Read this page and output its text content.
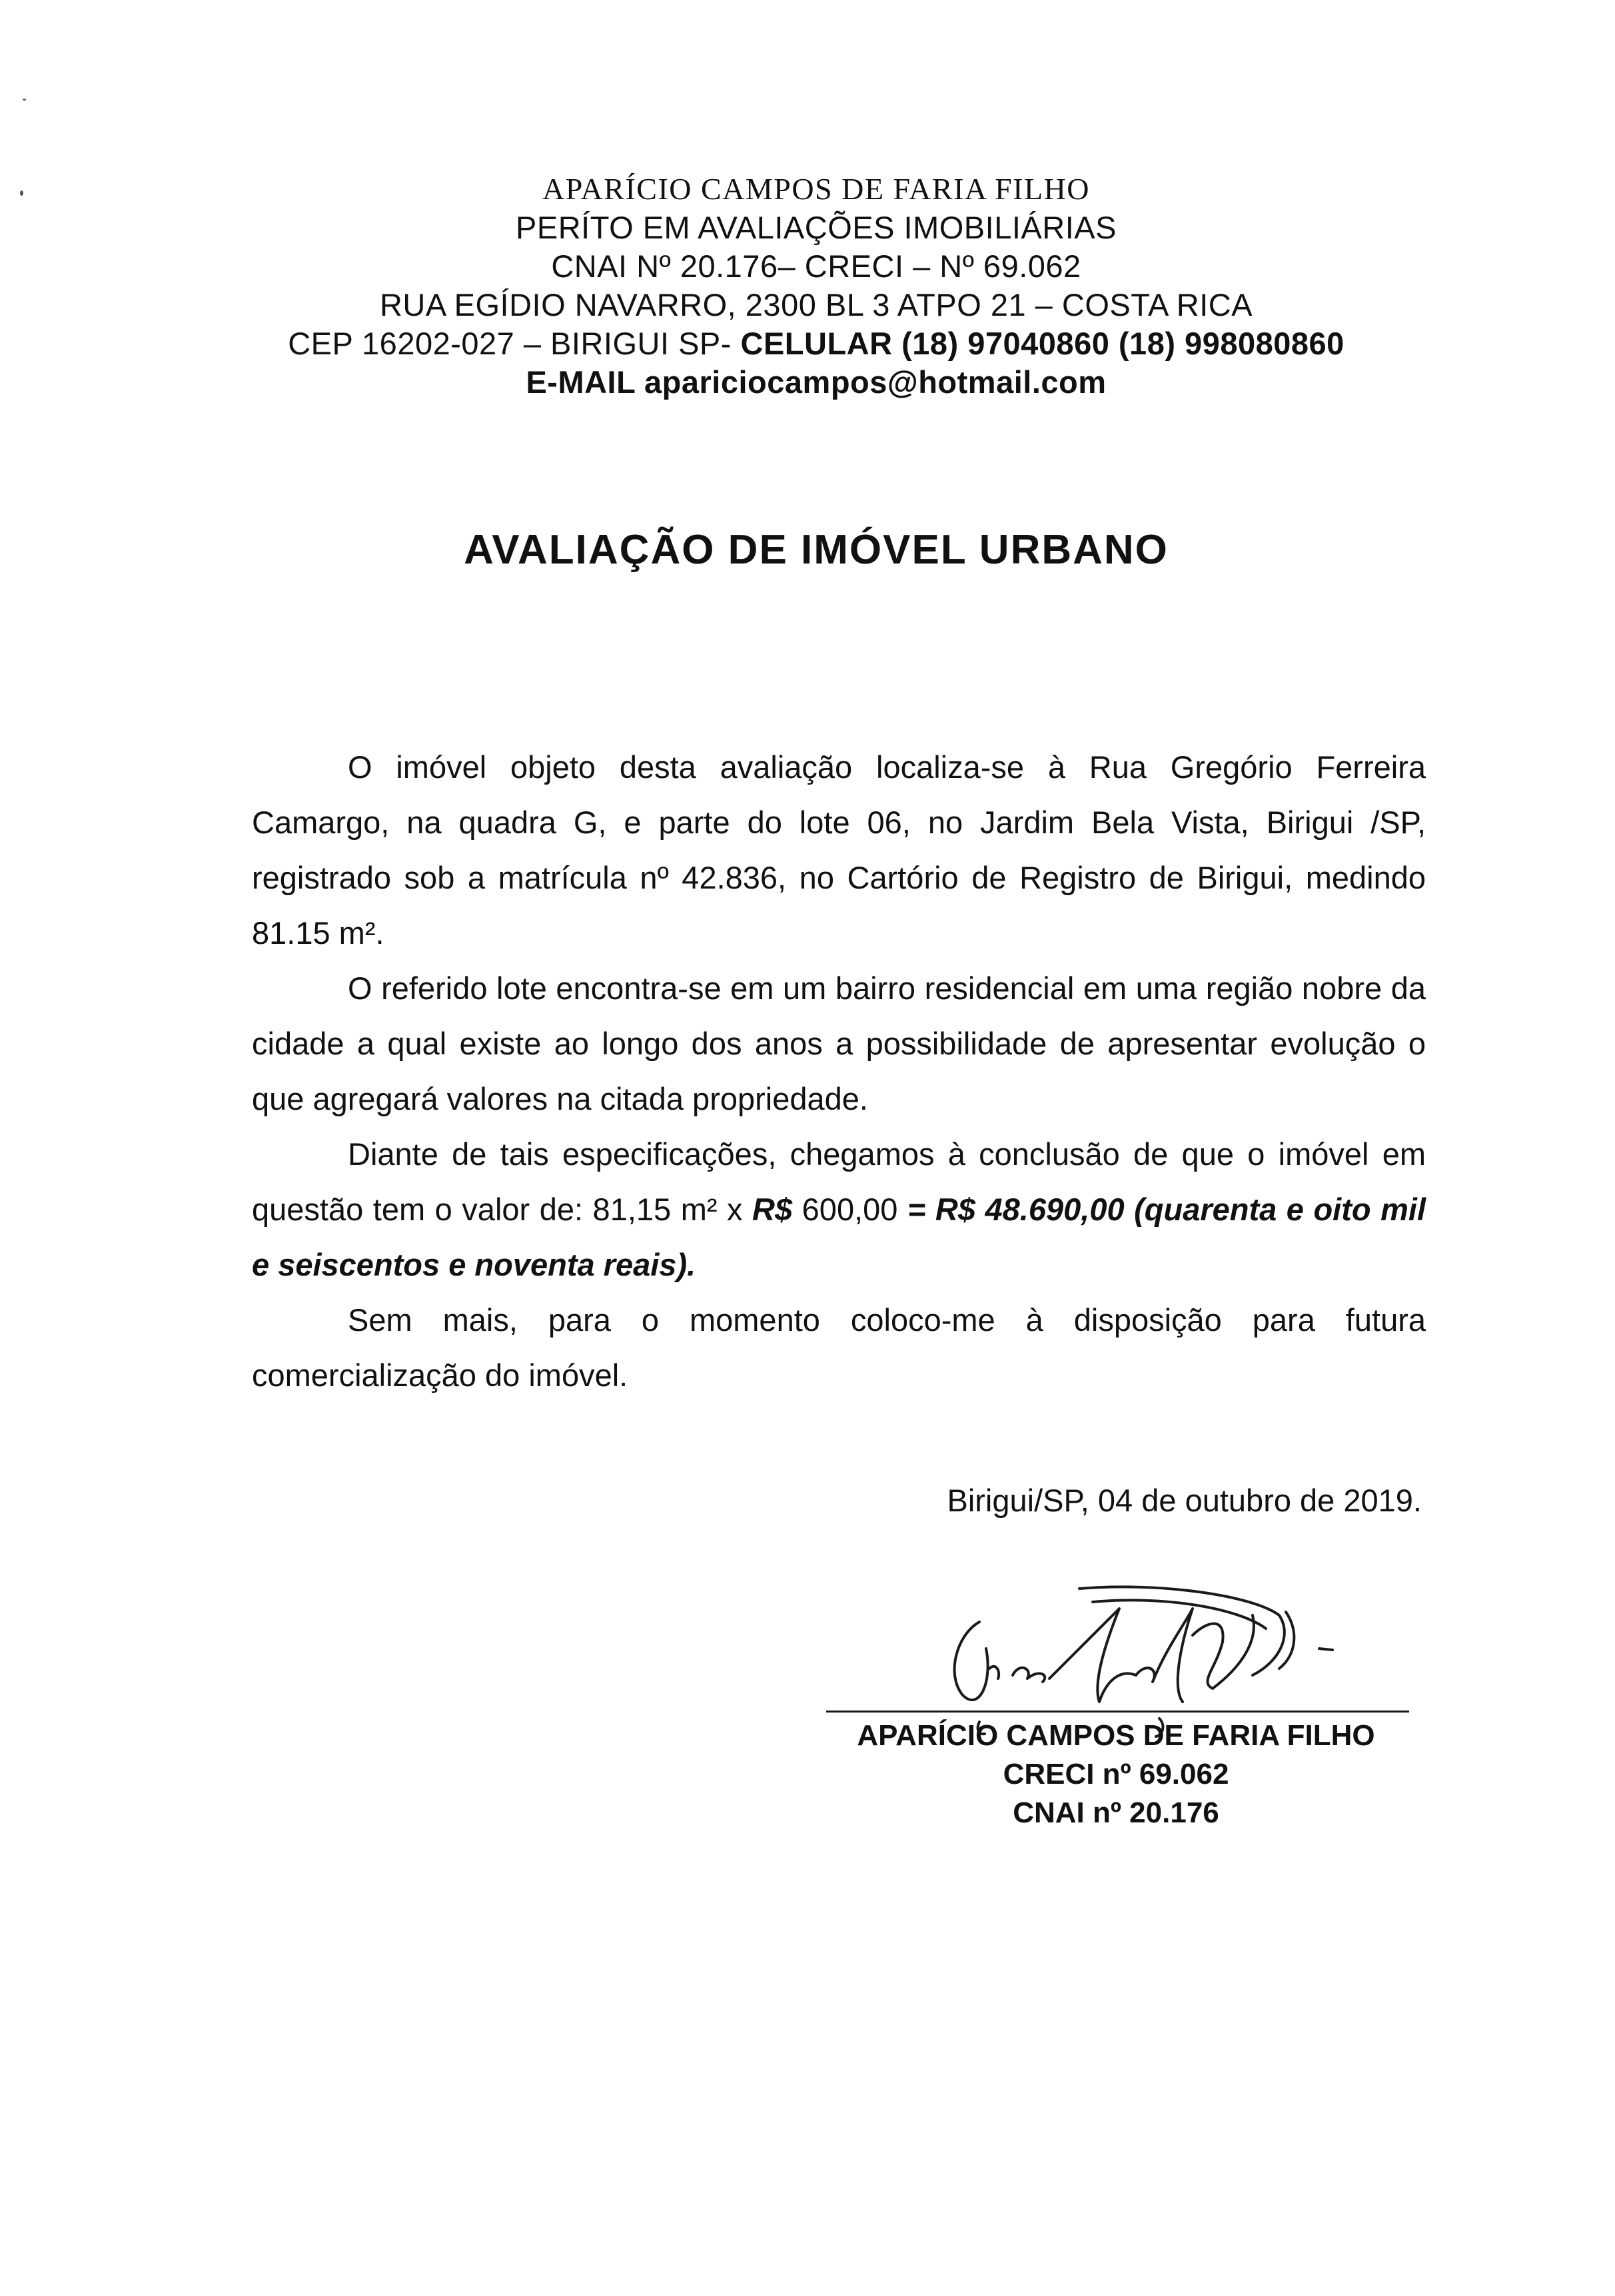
APARÍCIO CAMPOS DE FARIA FILHO
PERÍTO EM AVALIAÇÕES IMOBILIÁRIAS
CNAI Nº 20.176– CRECI – Nº 69.062
RUA EGÍDIO NAVARRO, 2300 BL 3 ATPO 21 – COSTA RICA
CEP 16202-027 – BIRIGUI SP- CELULAR (18) 97040860 (18) 998080860
E-MAIL apariciocampos@hotmail.com
AVALIAÇÃO DE IMÓVEL URBANO

O imóvel objeto desta avaliação localiza-se à Rua Gregório Ferreira Camargo, na quadra G, e parte do lote 06, no Jardim Bela Vista, Birigui /SP, registrado sob a matrícula nº 42.836, no Cartório de Registro de Birigui, medindo 81.15 m².

O referido lote encontra-se em um bairro residencial em uma região nobre da cidade a qual existe ao longo dos anos a possibilidade de apresentar evolução o que agregará valores na citada propriedade.

Diante de tais especificações, chegamos à conclusão de que o imóvel em questão tem o valor de: 81,15 m² x R$ 600,00 = R$ 48.690,00 (quarenta e oito mil e seiscentos e noventa reais).

Sem mais, para o momento coloco-me à disposição para futura comercialização do imóvel.

Birigui/SP, 04 de outubro de 2019.
APARÍCIO CAMPOS DE FARIA FILHO
CRECI nº 69.062
CNAI nº 20.176
